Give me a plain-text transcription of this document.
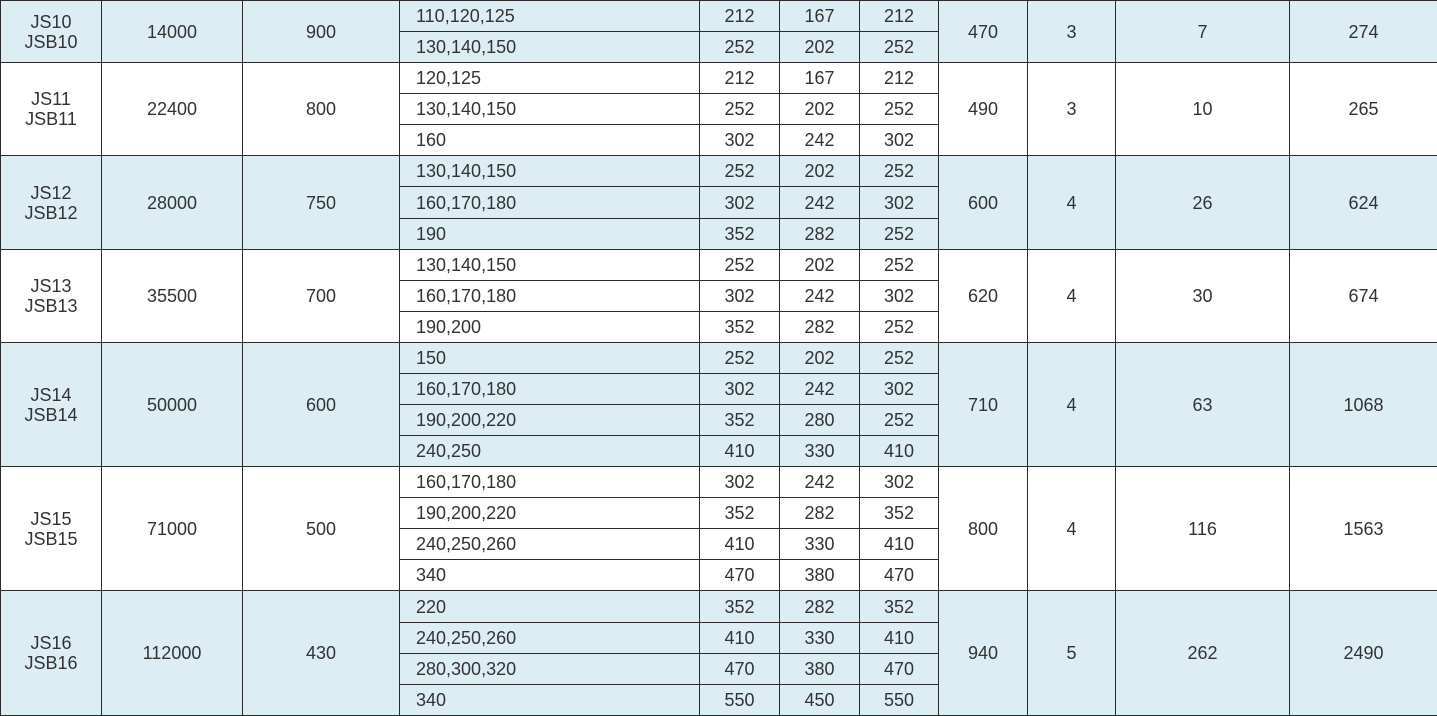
JS10
JSB10	14000	900	110,120,125	212	167	212	470	3	7	274
			130,140,150	252	202	252				

JS11
JSB11	22400	800	120,125	212	167	212	490	3	10	265
			130,140,150	252	202	252				
			160	302	242	302				

JS12
JSB12	28000	750	130,140,150	252	202	252	600	4	26	624
			160,170,180	302	242	302				
			190	352	282	252				

JS13
JSB13	35500	700	130,140,150	252	202	252	620	4	30	674
			160,170,180	302	242	302				
			190,200	352	282	252				

JS14
JSB14	50000	600	150	252	202	252	710	4	63	1068
			160,170,180	302	242	302				
			190,200,220	352	280	252				
			240,250	410	330	410				

JS15
JSB15	71000	500	160,170,180	302	242	302	800	4	116	1563
			190,200,220	352	282	352				
			240,250,260	410	330	410				
			340	470	380	470				

JS16
JSB16	112000	430	220	352	282	352	940	5	262	2490
			240,250,260	410	330	410				
			280,300,320	470	380	470				
			340	550	450	550				
